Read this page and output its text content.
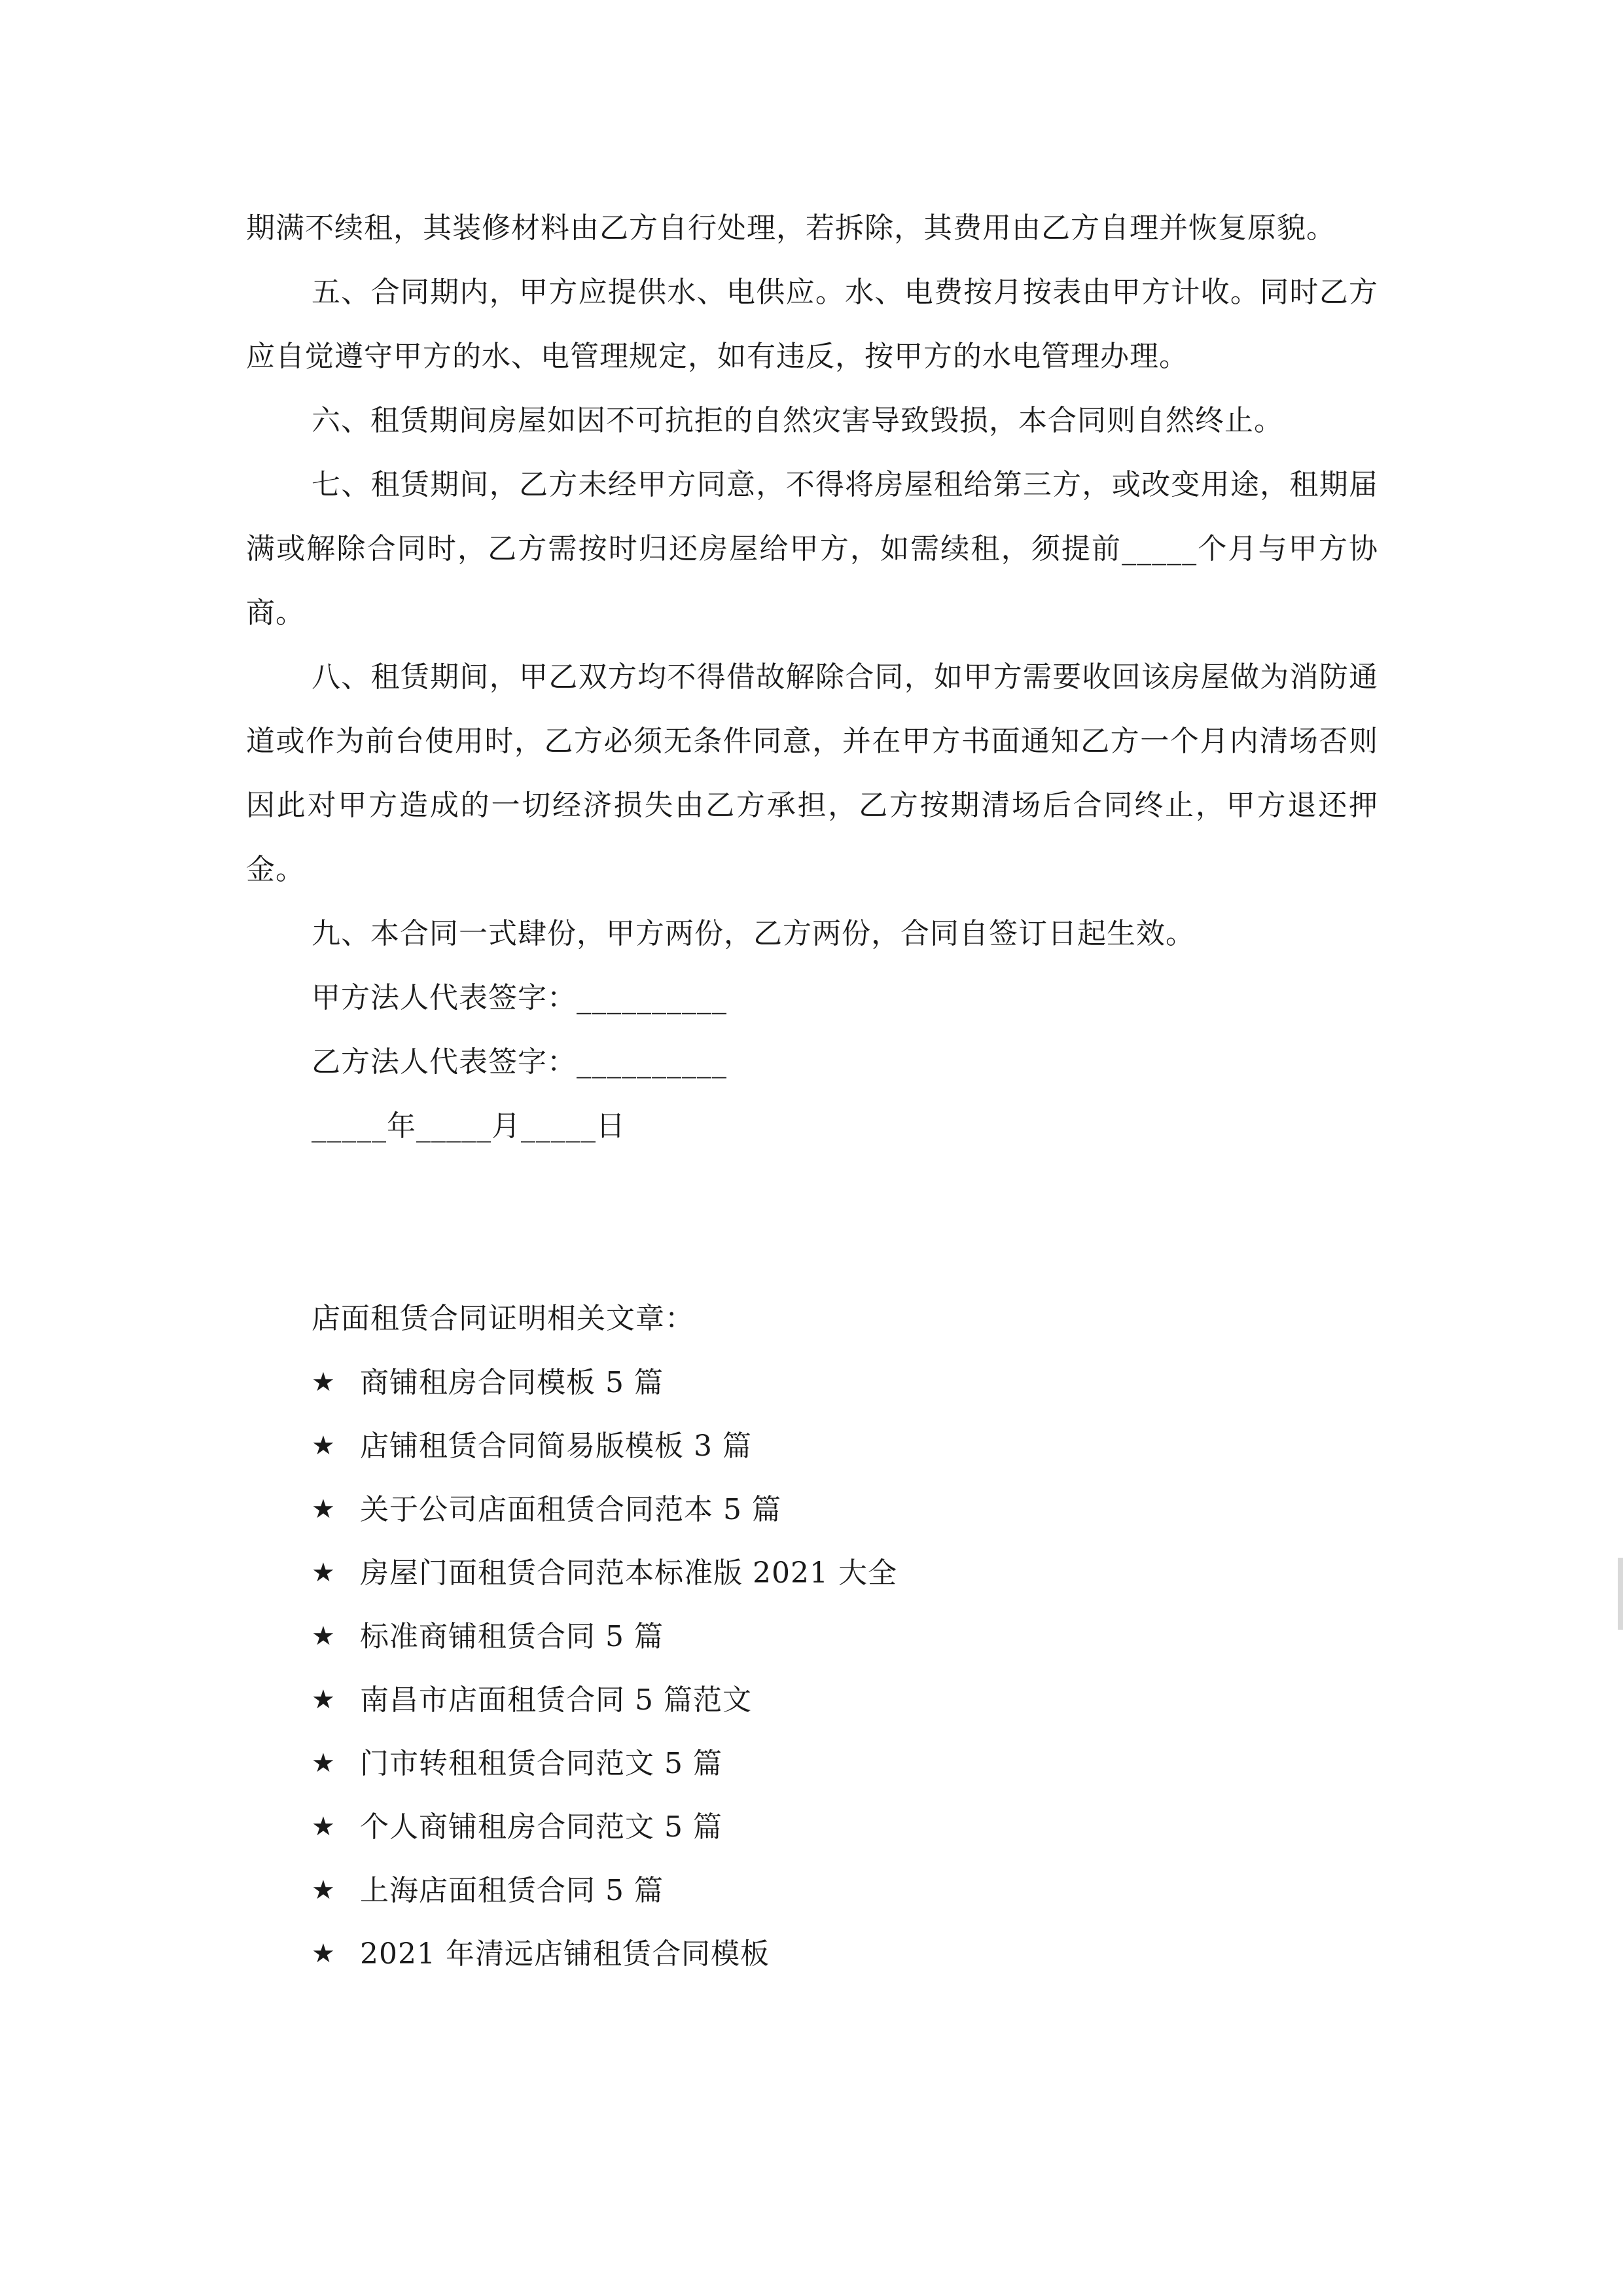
期满不续租，其装修材料由乙方自行处理，若拆除，其费用由乙方自理并恢复原貌。

五、合同期内，甲方应提供水、电供应。水、电费按月按表由甲方计收。同时乙方应自觉遵守甲方的水、电管理规定，如有违反，按甲方的水电管理办理。

六、租赁期间房屋如因不可抗拒的自然灾害导致毁损，本合同则自然终止。

七、租赁期间，乙方未经甲方同意，不得将房屋租给第三方，或改变用途，租期届满或解除合同时，乙方需按时归还房屋给甲方，如需续租，须提前_____个月与甲方协商。

八、租赁期间，甲乙双方均不得借故解除合同，如甲方需要收回该房屋做为消防通道或作为前台使用时，乙方必须无条件同意，并在甲方书面通知乙方一个月内清场否则因此对甲方造成的一切经济损失由乙方承担，乙方按期清场后合同终止，甲方退还押金。

九、本合同一式肆份，甲方两份，乙方两份，合同自签订日起生效。

甲方法人代表签字：__________

乙方法人代表签字：__________

_____年_____月_____日

店面租赁合同证明相关文章：

★ 商铺租房合同模板 5 篇
★ 店铺租赁合同简易版模板 3 篇
★ 关于公司店面租赁合同范本 5 篇
★ 房屋门面租赁合同范本标准版 2021 大全
★ 标准商铺租赁合同 5 篇
★ 南昌市店面租赁合同 5 篇范文
★ 门市转租租赁合同范文 5 篇
★ 个人商铺租房合同范文 5 篇
★ 上海店面租赁合同 5 篇
★ 2021 年清远店铺租赁合同模板
